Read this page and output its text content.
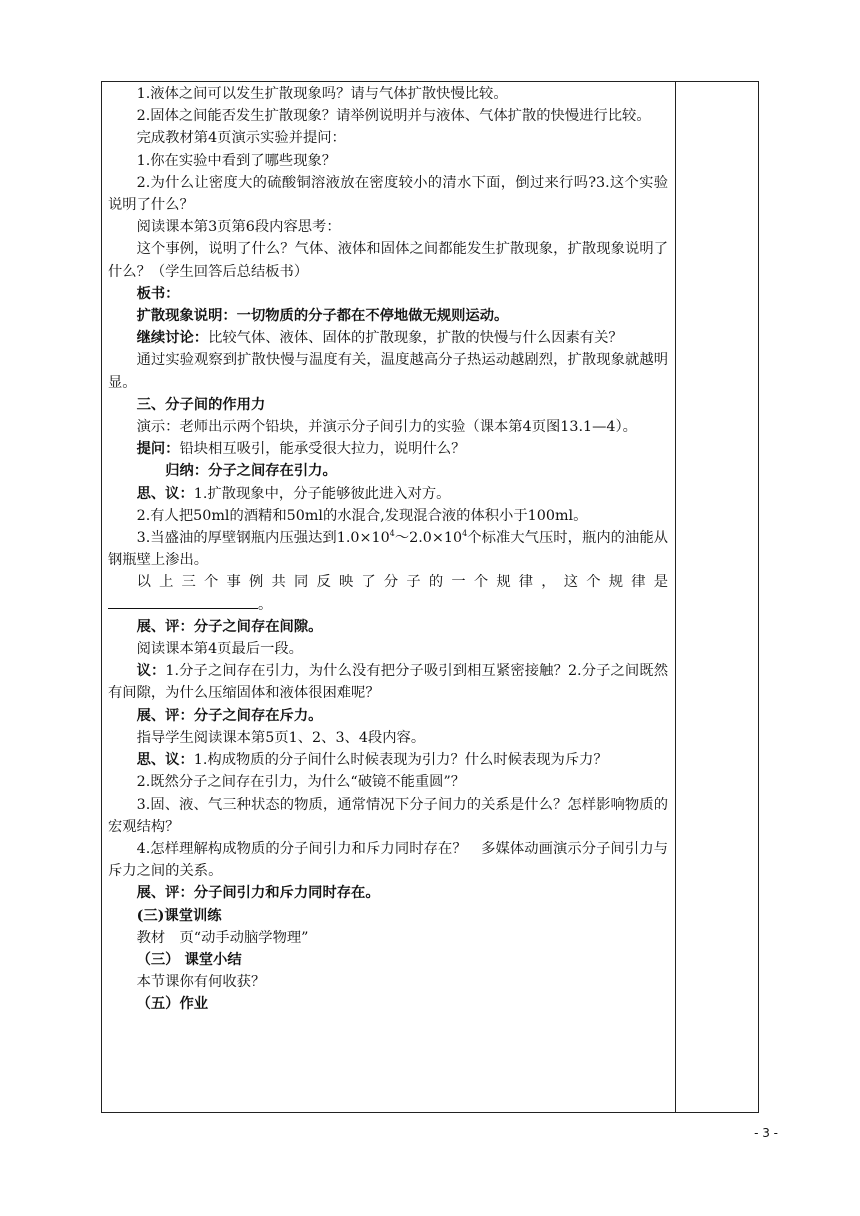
1.液体之间可以发生扩散现象吗？请与气体扩散快慢比较。

2.固体之间能否发生扩散现象？请举例说明并与液体、气体扩散的快慢进行比较。

完成教材第4页演示实验并提问：

1.你在实验中看到了哪些现象？

2.为什么让密度大的硫酸铜溶液放在密度较小的清水下面，倒过来行吗?3.这个实验说明了什么？

阅读课本第3页第6段内容思考：

这个事例，说明了什么？气体、液体和固体之间都能发生扩散现象，扩散现象说明了什么？（学生回答后总结板书）

板书：

扩散现象说明：一切物质的分子都在不停地做无规则运动。

继续讨论：比较气体、液体、固体的扩散现象，扩散的快慢与什么因素有关？

通过实验观察到扩散快慢与温度有关，温度越高分子热运动越剧烈，扩散现象就越明显。

三、分子间的作用力

演示：老师出示两个铅块，并演示分子间引力的实验（课本第4页图13.1—4）。

提问：铅块相互吸引，能承受很大拉力，说明什么？

归纳：分子之间存在引力。

思、议：1.扩散现象中，分子能够彼此进入对方。

2.有人把50ml的酒精和50ml的水混合,发现混合液的体积小于100ml。

3.当盛油的厚壁钢瓶内压强达到$1.0\times 10^4\sim 2.0\times 10^4$个标准大气压时，瓶内的油能从钢瓶壁上渗出。

以上三个事例共同反映了分子的一个规律，这个规律是

。

展、评：分子之间存在间隙。

阅读课本第4页最后一段。

议：1.分子之间存在引力，为什么没有把分子吸引到相互紧密接触？2.分子之间既然有间隙，为什么压缩固体和液体很困难呢？

展、评：分子之间存在斥力。

指导学生阅读课本第5页1、2、3、4段内容。

思、议：1.构成物质的分子间什么时候表现为引力？什么时候表现为斥力？

2.既然分子之间存在引力，为什么“破镜不能重圆”？

3.固、液、气三种状态的物质，通常情况下分子间力的关系是什么？怎样影响物质的宏观结构？

4.怎样理解构成物质的分子间引力和斥力同时存在？　多媒体动画演示分子间引力与斥力之间的关系。

展、评：分子间引力和斥力同时存在。

(三)课堂训练

教材　页“动手动脑学物理”

（三） 课堂小结

本节课你有何收获？

（五）作业

- 3 -
